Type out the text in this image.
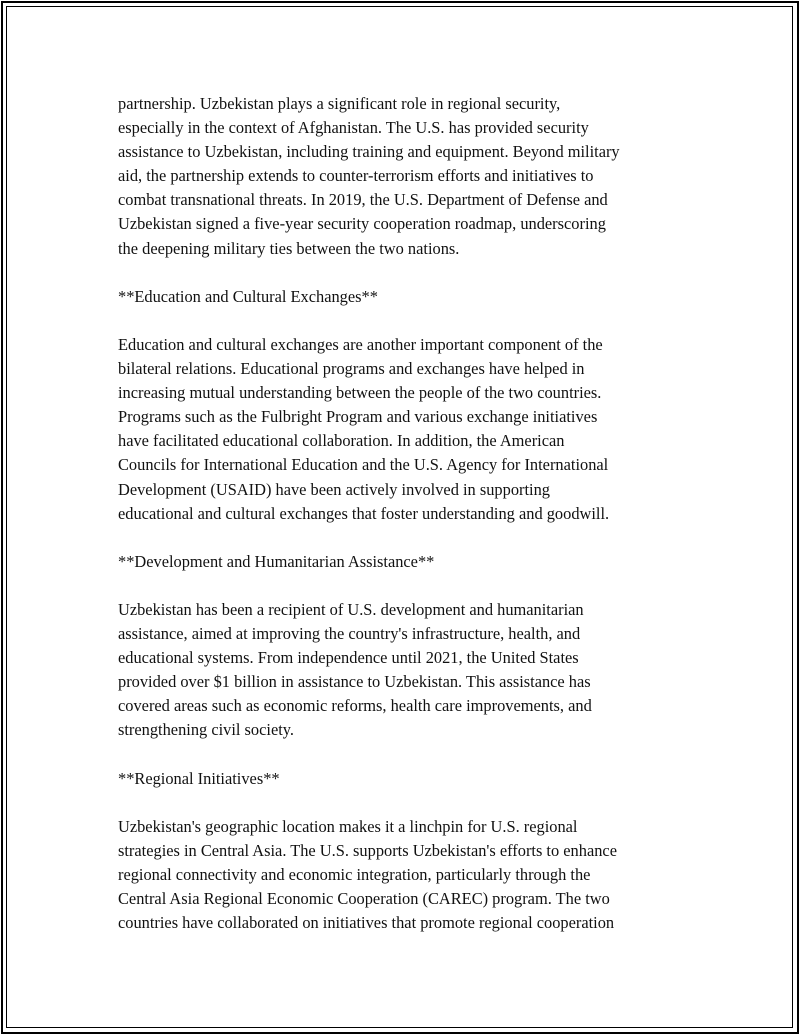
partnership. Uzbekistan plays a significant role in regional security,
especially in the context of Afghanistan. The U.S. has provided security
assistance to Uzbekistan, including training and equipment. Beyond military
aid, the partnership extends to counter-terrorism efforts and initiatives to
combat transnational threats. In 2019, the U.S. Department of Defense and
Uzbekistan signed a five-year security cooperation roadmap, underscoring
the deepening military ties between the two nations.

**Education and Cultural Exchanges**

Education and cultural exchanges are another important component of the
bilateral relations. Educational programs and exchanges have helped in
increasing mutual understanding between the people of the two countries.
Programs such as the Fulbright Program and various exchange initiatives
have facilitated educational collaboration. In addition, the American
Councils for International Education and the U.S. Agency for International
Development (USAID) have been actively involved in supporting
educational and cultural exchanges that foster understanding and goodwill.

**Development and Humanitarian Assistance**

Uzbekistan has been a recipient of U.S. development and humanitarian
assistance, aimed at improving the country's infrastructure, health, and
educational systems. From independence until 2021, the United States
provided over $1 billion in assistance to Uzbekistan. This assistance has
covered areas such as economic reforms, health care improvements, and
strengthening civil society.

**Regional Initiatives**

Uzbekistan's geographic location makes it a linchpin for U.S. regional
strategies in Central Asia. The U.S. supports Uzbekistan's efforts to enhance
regional connectivity and economic integration, particularly through the
Central Asia Regional Economic Cooperation (CAREC) program. The two
countries have collaborated on initiatives that promote regional cooperation
